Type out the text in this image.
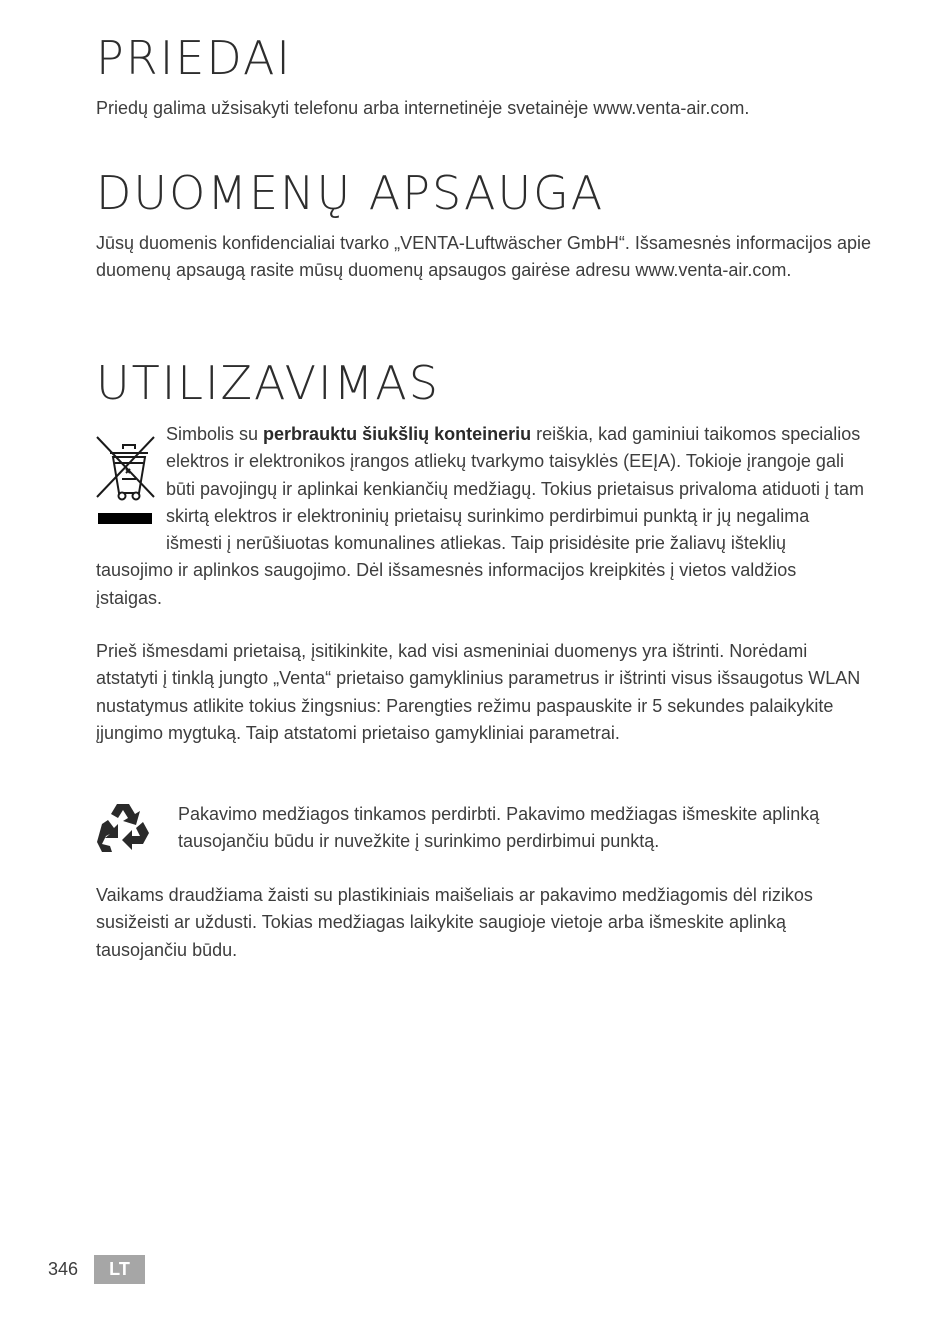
PRIEDAI

Priedų galima užsisakyti telefonu arba internetinėje svetainėje www.venta-air.com.

DUOMENŲ APSAUGA

Jūsų duomenis konfidencialiai tvarko „VENTA-Luftwäscher GmbH“. Išsamesnės informacijos apie duomenų apsaugą rasite mūsų duomenų apsaugos gairėse adresu www.venta-air.com.

UTILIZAVIMAS

Simbolis su perbrauktu šiukšlių konteineriu reiškia, kad gaminiui taikomos specialios elektros ir elektronikos įrangos atliekų tvarkymo taisyklės (EEĮA). Tokioje įrangoje gali būti pavojingų ir aplinkai kenkiančių medžiagų. Tokius prietaisus privaloma atiduoti į tam skirtą elektros ir elektroninių prietaisų surinkimo perdirbimui punktą ir jų negalima išmesti į nerūšiuotas komunalines atliekas. Taip prisidėsite prie žaliavų išteklių tausojimo ir aplinkos saugojimo. Dėl išsamesnės informacijos kreipkitės į vietos valdžios įstaigas.

Prieš išmesdami prietaisą, įsitikinkite, kad visi asmeniniai duomenys yra ištrinti. Norėdami atstatyti į tinklą jungto „Venta“ prietaiso gamyklinius parametrus ir ištrinti visus išsaugotus WLAN nustatymus atlikite tokius žingsnius: Parengties režimu paspauskite ir 5 sekundes palaikykite įjungimo mygtuką. Taip atstatomi prietaiso gamykliniai parametrai.

Pakavimo medžiagos tinkamos perdirbti. Pakavimo medžiagas išmeskite aplinką tausojančiu būdu ir nuvežkite į surinkimo perdirbimui punktą.

Vaikams draudžiama žaisti su plastikiniais maišeliais ar pakavimo medžiagomis dėl rizikos susižeisti ar uždusti. Tokias medžiagas laikykite saugioje vietoje arba išmeskite aplinką tausojančiu būdu.

346	LT
